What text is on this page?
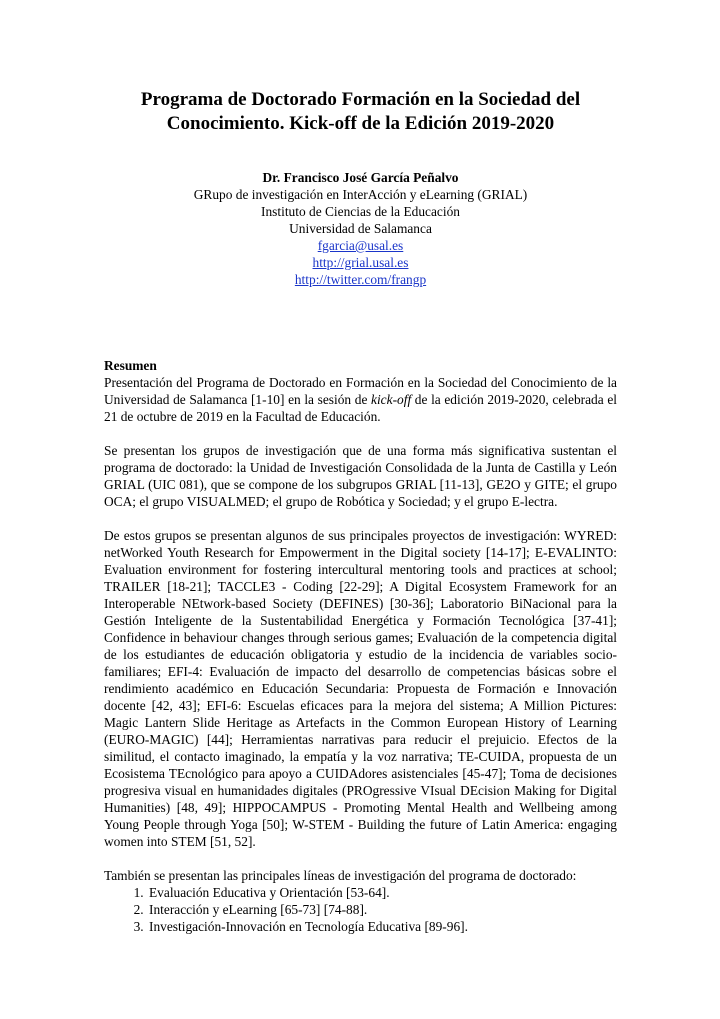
Programa de Doctorado Formación en la Sociedad del
Conocimiento. Kick-off de la Edición 2019-2020
Dr. Francisco José García Peñalvo
GRupo de investigación en InterAcción y eLearning (GRIAL)
Instituto de Ciencias de la Educación
Universidad de Salamanca
fgarcia@usal.es
http://grial.usal.es
http://twitter.com/frangp
Resumen

Presentación del Programa de Doctorado en Formación en la Sociedad del Conocimiento de la Universidad de Salamanca [1-10] en la sesión de kick-off de la edición 2019-2020, celebrada el 21 de octubre de 2019 en la Facultad de Educación.

Se presentan los grupos de investigación que de una forma más significativa sustentan el programa de doctorado: la Unidad de Investigación Consolidada de la Junta de Castilla y León GRIAL (UIC 081), que se compone de los subgrupos GRIAL [11-13], GE2O y GITE; el grupo OCA; el grupo VISUALMED; el grupo de Robótica y Sociedad; y el grupo E-lectra.

De estos grupos se presentan algunos de sus principales proyectos de investigación: WYRED: netWorked Youth Research for Empowerment in the Digital society [14-17]; E-EVALINTO: Evaluation environment for fostering intercultural mentoring tools and practices at school; TRAILER [18-21]; TACCLE3 - Coding [22-29]; A Digital Ecosystem Framework for an Interoperable NEtwork-based Society (DEFINES) [30-36]; Laboratorio BiNacional para la Gestión Inteligente de la Sustentabilidad Energética y Formación Tecnológica [37-41]; Confidence in behaviour changes through serious games; Evaluación de la competencia digital de los estudiantes de educación obligatoria y estudio de la incidencia de variables socio-familiares; EFI-4: Evaluación de impacto del desarrollo de competencias básicas sobre el rendimiento académico en Educación Secundaria: Propuesta de Formación e Innovación docente [42, 43]; EFI-6: Escuelas eficaces para la mejora del sistema; A Million Pictures: Magic Lantern Slide Heritage as Artefacts in the Common European History of Learning (EURO-MAGIC) [44]; Herramientas narrativas para reducir el prejuicio. Efectos de la similitud, el contacto imaginado, la empatía y la voz narrativa; TE-CUIDA, propuesta de un Ecosistema TEcnológico para apoyo a CUIDAdores asistenciales [45-47]; Toma de decisiones progresiva visual en humanidades digitales (PROgressive VIsual DEcision Making for Digital Humanities) [48, 49]; HIPPOCAMPUS - Promoting Mental Health and Wellbeing among Young People through Yoga [50]; W-STEM - Building the future of Latin America: engaging women into STEM [51, 52].

También se presentan las principales líneas de investigación del programa de doctorado:

1. Evaluación Educativa y Orientación [53-64].
2. Interacción y eLearning [65-73] [74-88].
3. Investigación-Innovación en Tecnología Educativa [89-96].
